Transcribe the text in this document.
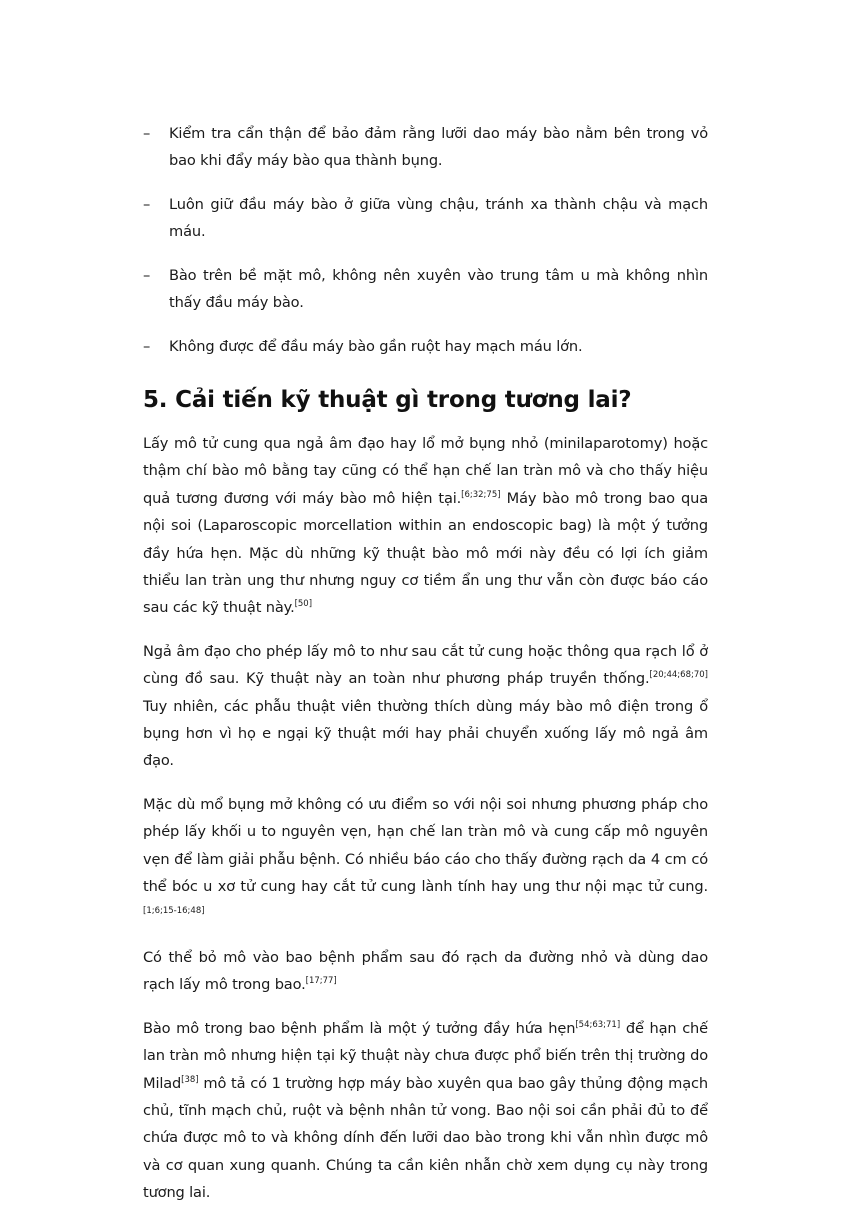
– Kiểm tra cẩn thận để bảo đảm rằng lưỡi dao máy bào nằm bên trong vỏ bao khi đẩy máy bào qua thành bụng.
– Luôn giữ đầu máy bào ở giữa vùng chậu, tránh xa thành chậu và mạch máu.
– Bào trên bề mặt mô, không nên xuyên vào trung tâm u mà không nhìn thấy đầu máy bào.
– Không được để đầu máy bào gần ruột hay mạch máu lớn.
5. Cải tiến kỹ thuật gì trong tương lai?

Lấy mô tử cung qua ngả âm đạo hay lổ mở bụng nhỏ (minilaparotomy) hoặc thậm chí bào mô bằng tay cũng có thể hạn chế lan tràn mô và cho thấy hiệu quả tương đương với máy bào mô hiện tại.[6;32;75] Máy bào mô trong bao qua nội soi (Laparoscopic morcellation within an endoscopic bag) là một ý tưởng đầy hứa hẹn. Mặc dù những kỹ thuật bào mô mới này đều có lợi ích giảm thiểu lan tràn ung thư nhưng nguy cơ tiềm ẩn ung thư vẫn còn được báo cáo sau các kỹ thuật này.[50]

Ngả âm đạo cho phép lấy mô to như sau cắt tử cung hoặc thông qua rạch lổ ở cùng đồ sau. Kỹ thuật này an toàn như phương pháp truyền thống.[20;44;68;70] Tuy nhiên, các phẫu thuật viên thường thích dùng máy bào mô điện trong ổ bụng hơn vì họ e ngại kỹ thuật mới hay phải chuyển xuống lấy mô ngả âm đạo.

Mặc dù mổ bụng mở không có ưu điểm so với nội soi nhưng phương pháp cho phép lấy khối u to nguyên vẹn, hạn chế lan tràn mô và cung cấp mô nguyên vẹn để làm giải phẫu bệnh. Có nhiều báo cáo cho thấy đường rạch da 4 cm có thể bóc u xơ tử cung hay cắt tử cung lành tính hay ung thư nội mạc tử cung.[1;6;15-16;48]

Có thể bỏ mô vào bao bệnh phẩm sau đó rạch da đường nhỏ và dùng dao rạch lấy mô trong bao.[17;77]

Bào mô trong bao bệnh phẩm là một ý tưởng đầy hứa hẹn[54;63;71] để hạn chế lan tràn mô nhưng hiện tại kỹ thuật này chưa được phổ biến trên thị trường do Milad[38] mô tả có 1 trường hợp máy bào xuyên qua bao gây thủng động mạch chủ, tĩnh mạch chủ, ruột và bệnh nhân tử vong. Bao nội soi cần phải đủ to để chứa được mô to và không dính đến lưỡi dao bào trong khi vẫn nhìn được mô và cơ quan xung quanh. Chúng ta cần kiên nhẫn chờ xem dụng cụ này trong tương lai.
